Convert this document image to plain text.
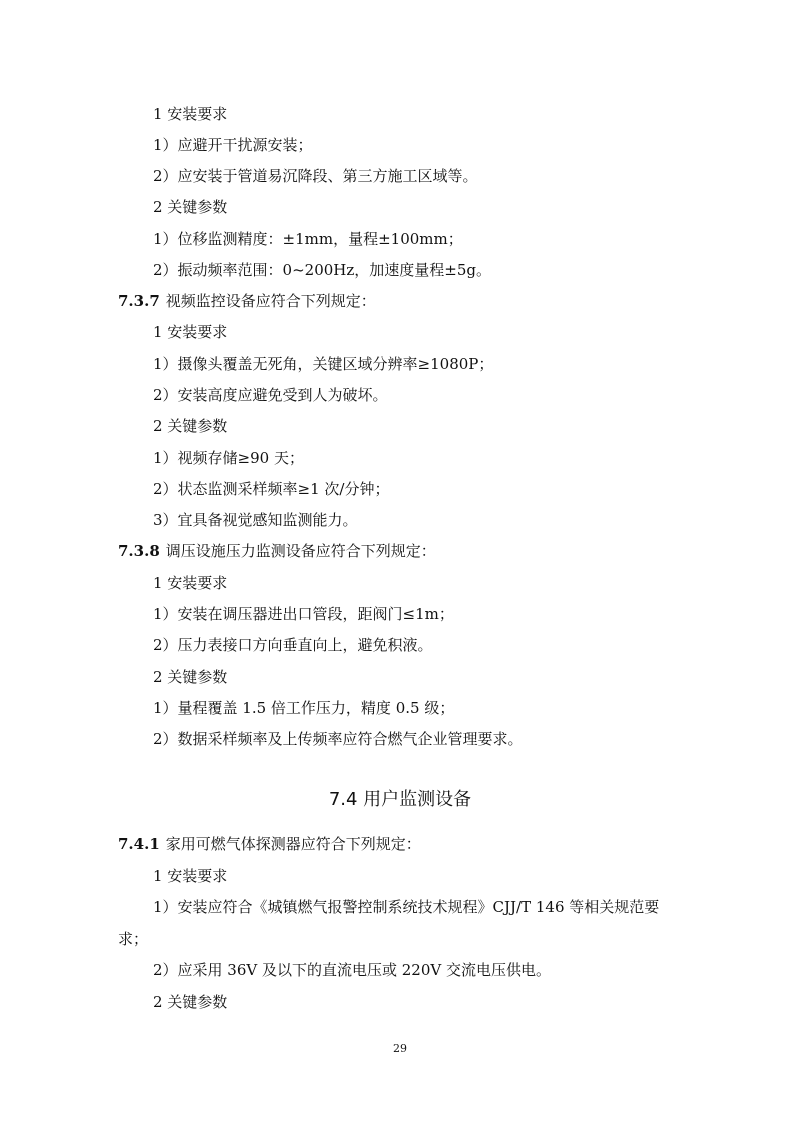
1 安装要求
1）应避开干扰源安装；
2）应安装于管道易沉降段、第三方施工区域等。
2 关键参数
1）位移监测精度：±1mm，量程±100mm；
2）振动频率范围：0~200Hz，加速度量程±5g。
7.3.7 视频监控设备应符合下列规定：
1 安装要求
1）摄像头覆盖无死角，关键区域分辨率≥1080P；
2）安装高度应避免受到人为破坏。
2 关键参数
1）视频存储≥90 天；
2）状态监测采样频率≥1 次/分钟；
3）宜具备视觉感知监测能力。
7.3.8 调压设施压力监测设备应符合下列规定：
1 安装要求
1）安装在调压器进出口管段，距阀门≤1m；
2）压力表接口方向垂直向上，避免积液。
2 关键参数
1）量程覆盖 1.5 倍工作压力，精度 0.5 级；
2）数据采样频率及上传频率应符合燃气企业管理要求。
7.4 用户监测设备
7.4.1 家用可燃气体探测器应符合下列规定：
1 安装要求
1）安装应符合《城镇燃气报警控制系统技术规程》CJJ/T 146 等相关规范要
求；
2）应采用 36V 及以下的直流电压或 220V 交流电压供电。
2 关键参数
29
